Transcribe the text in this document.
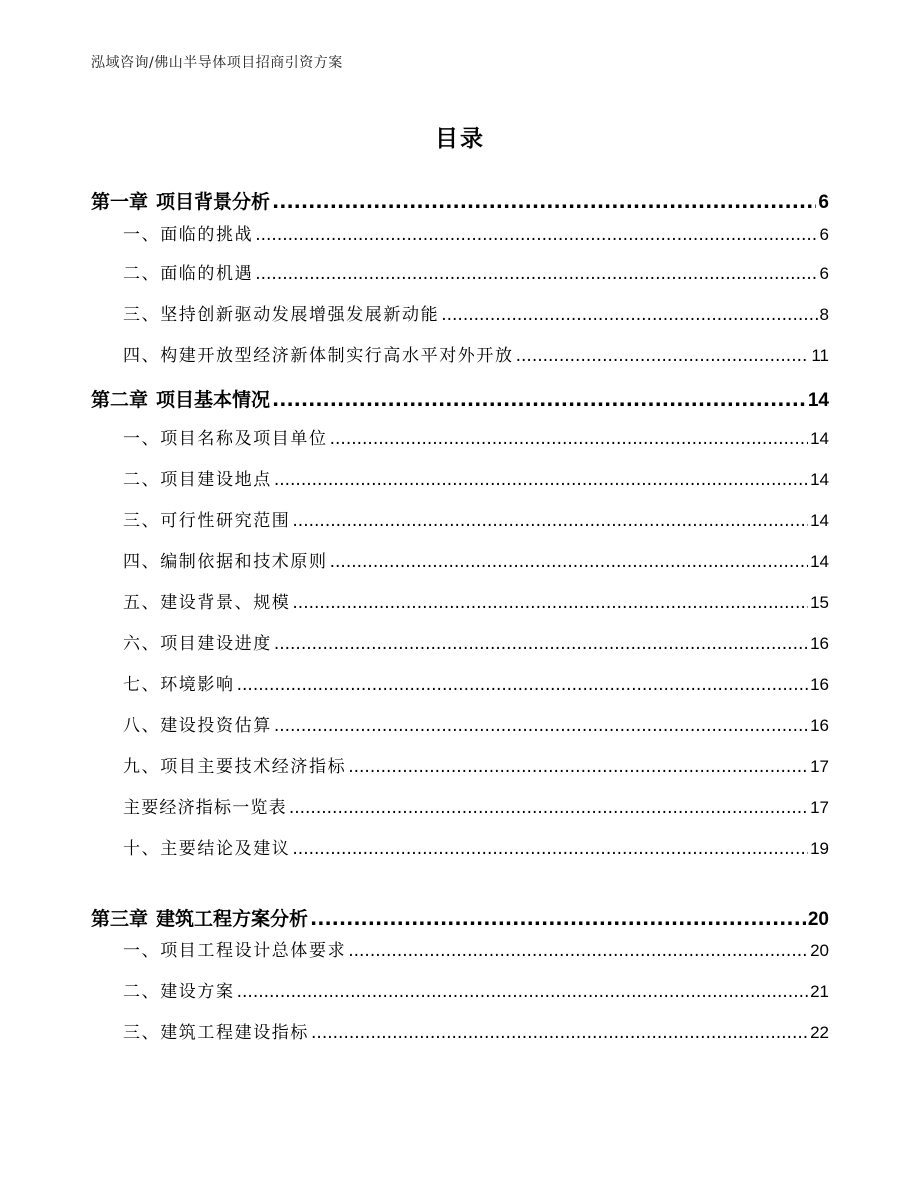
泓域咨询/佛山半导体项目招商引资方案
目录
第一章 项目背景分析 .....	6
一、 面临的挑战 .....	6
二、 面临的机遇 .....	6
三、 坚持创新驱动发展增强发展新动能 .....	8
四、 构建开放型经济新体制实行高水平对外开放 .....	11
第二章 项目基本情况 .....	14
一、 项目名称及项目单位 .....	14
二、 项目建设地点 .....	14
三、 可行性研究范围 .....	14
四、 编制依据和技术原则 .....	14
五、 建设背景、规模 .....	15
六、 项目建设进度 .....	16
七、 环境影响 .....	16
八、 建设投资估算 .....	16
九、 项目主要技术经济指标 .....	17
主要经济指标一览表 .....	17
十、 主要结论及建议 .....	19
第三章 建筑工程方案分析 .....	20
一、 项目工程设计总体要求 .....	20
二、 建设方案 .....	21
三、 建筑工程建设指标 .....	22
